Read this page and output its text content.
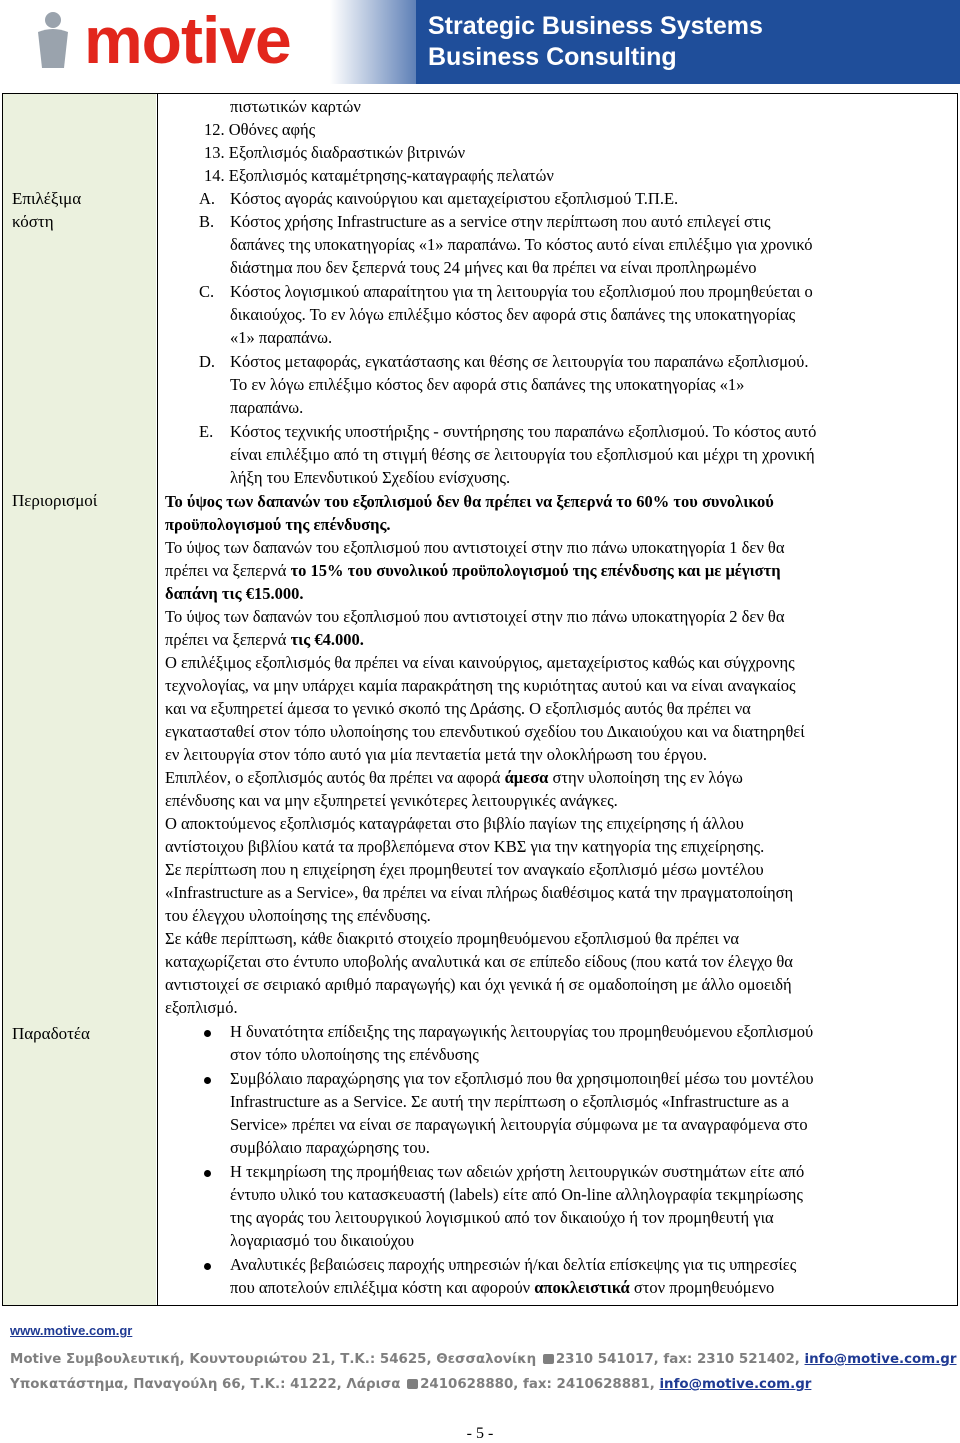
motive	Strategic Business Systems
Business Consulting
Επιλέξιμα κόστη
Περιορισμοί
Παραδοτέα
πιστωτικών καρτών
12. Οθόνες αφής
13. Εξοπλισμός διαδραστικών βιτρινών
14. Εξοπλισμός καταμέτρησης-καταγραφής πελατών
A. Κόστος αγοράς καινούργιου και αμεταχείριστου εξοπλισμού Τ.Π.Ε.
B. Κόστος χρήσης Infrastructure as a service στην περίπτωση που αυτό επιλεγεί στις
δαπάνες της υποκατηγορίας «1» παραπάνω. Το κόστος αυτό είναι επιλέξιμο για χρονικό
διάστημα που δεν ξεπερνά τους 24 μήνες και θα πρέπει να είναι προπληρωμένο
C. Κόστος λογισμικού απαραίτητου για τη λειτουργία του εξοπλισμού που προμηθεύεται ο
δικαιούχος. Το εν λόγω επιλέξιμο κόστος δεν αφορά στις δαπάνες της υποκατηγορίας
«1» παραπάνω.
D. Κόστος μεταφοράς, εγκατάστασης και θέσης σε λειτουργία του παραπάνω εξοπλισμού.
Το εν λόγω επιλέξιμο κόστος δεν αφορά στις δαπάνες της υποκατηγορίας «1»
παραπάνω.
E. Κόστος τεχνικής υποστήριξης - συντήρησης του παραπάνω εξοπλισμού. Το κόστος αυτό
είναι επιλέξιμο από τη στιγμή θέσης σε λειτουργία του εξοπλισμού και μέχρι τη χρονική
λήξη του Επενδυτικού Σχεδίου ενίσχυσης.
Το ύψος των δαπανών του εξοπλισμού δεν θα πρέπει να ξεπερνά το 60% του συνολικού
προϋπολογισμού της επένδυσης.
Το ύψος των δαπανών του εξοπλισμού που αντιστοιχεί στην πιο πάνω υποκατηγορία 1 δεν θα
πρέπει να ξεπερνά το 15% του συνολικού προϋπολογισμού της επένδυσης και με μέγιστη
δαπάνη τις €15.000.
Το ύψος των δαπανών του εξοπλισμού που αντιστοιχεί στην πιο πάνω υποκατηγορία 2 δεν θα
πρέπει να ξεπερνά τις €4.000.
Ο επιλέξιμος εξοπλισμός θα πρέπει να είναι καινούργιος, αμεταχείριστος καθώς και σύγχρονης
τεχνολογίας, να μην υπάρχει καμία παρακράτηση της κυριότητας αυτού και να είναι αναγκαίος
και να εξυπηρετεί άμεσα το γενικό σκοπό της Δράσης. Ο εξοπλισμός αυτός θα πρέπει να
εγκατασταθεί στον τόπο υλοποίησης του επενδυτικού σχεδίου του Δικαιούχου και να διατηρηθεί
εν λειτουργία στον τόπο αυτό για μία πενταετία μετά την ολοκλήρωση του έργου.
Επιπλέον, ο εξοπλισμός αυτός θα πρέπει να αφορά άμεσα στην υλοποίηση της εν λόγω
επένδυσης και να μην εξυπηρετεί γενικότερες λειτουργικές ανάγκες.
Ο αποκτούμενος εξοπλισμός καταγράφεται στο βιβλίο παγίων της επιχείρησης ή άλλου
αντίστοιχου βιβλίου κατά τα προβλεπόμενα στον ΚΒΣ για την κατηγορία της επιχείρησης.
Σε περίπτωση που η επιχείρηση έχει προμηθευτεί τον αναγκαίο εξοπλισμό μέσω μοντέλου
«Infrastructure as a Service», θα πρέπει να είναι πλήρως διαθέσιμος κατά την πραγματοποίηση
του έλεγχου υλοποίησης της επένδυσης.
Σε κάθε περίπτωση, κάθε διακριτό στοιχείο προμηθευόμενου εξοπλισμού θα πρέπει να
καταχωρίζεται στο έντυπο υποβολής αναλυτικά και σε επίπεδο είδους (που κατά τον έλεγχο θα
αντιστοιχεί σε σειριακό αριθμό παραγωγής) και όχι γενικά ή σε ομαδοποίηση με άλλο ομοειδή
εξοπλισμό.
Η δυνατότητα επίδειξης της παραγωγικής λειτουργίας του προμηθευόμενου εξοπλισμού
στον τόπο υλοποίησης της επένδυσης
Συμβόλαιο παραχώρησης για τον εξοπλισμό που θα χρησιμοποιηθεί μέσω του μοντέλου
Infrastructure as a Service. Σε αυτή την περίπτωση ο εξοπλισμός «Infrastructure as a
Service» πρέπει να είναι σε παραγωγική λειτουργία σύμφωνα με τα αναγραφόμενα στο
συμβόλαιο παραχώρησης του.
Η τεκμηρίωση της προμήθειας των αδειών χρήστη λειτουργικών συστημάτων είτε από
έντυπο υλικό του κατασκευαστή (labels) είτε από On-line αλληλογραφία τεκμηρίωσης
της αγοράς του λειτουργικού λογισμικού από τον δικαιούχο ή τον προμηθευτή για
λογαριασμό του δικαιούχου
Αναλυτικές βεβαιώσεις παροχής υπηρεσιών ή/και δελτία επίσκεψης για τις υπηρεσίες
που αποτελούν επιλέξιμα κόστη και αφορούν αποκλειστικά στον προμηθευόμενο
www.motive.com.gr
Motive Συμβουλευτική, Κουντουριώτου 21, Τ.Κ.: 54625, Θεσσαλονίκη 2310 541017, fax: 2310 521402, info@motive.com.gr
Υποκατάστημα, Παναγούλη 66, Τ.Κ.: 41222, Λάρισα 2410628880, fax: 2410628881, info@motive.com.gr
- 5 -
